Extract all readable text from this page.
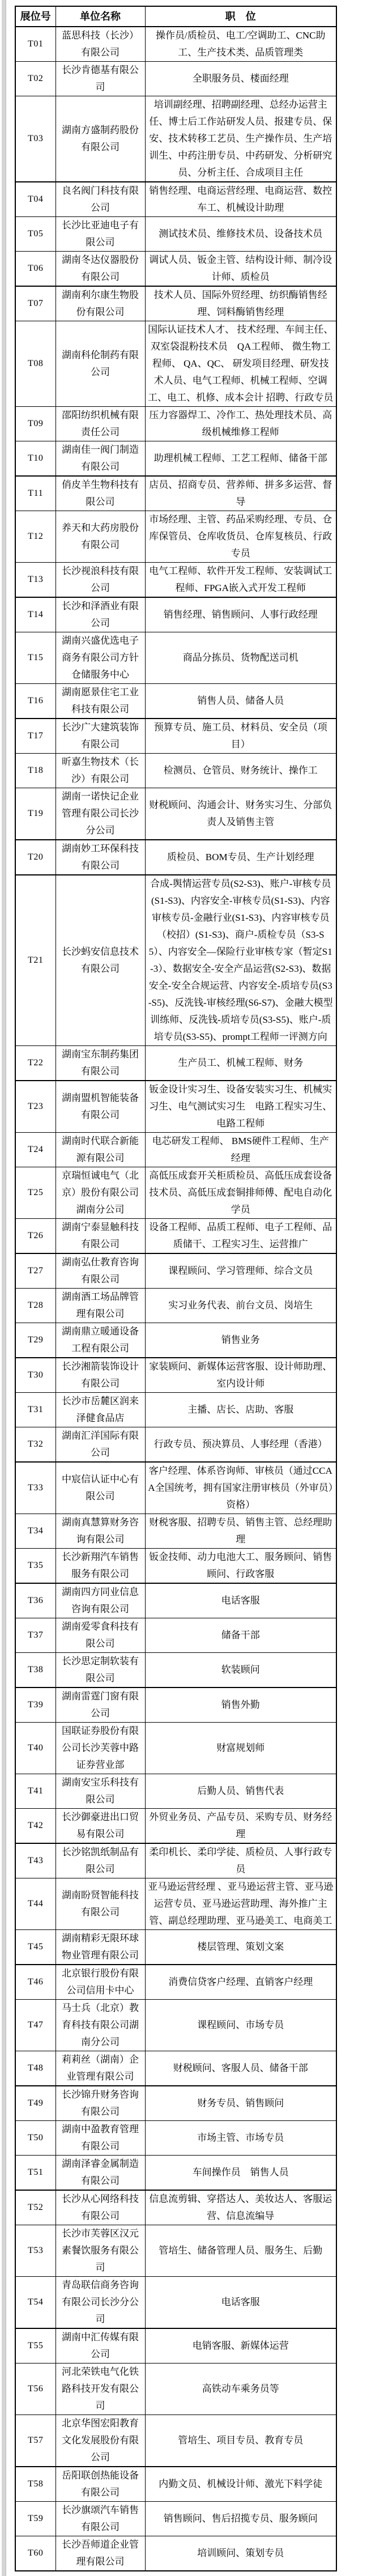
展位号	单位名称	职　位
T01	蓝思科技（长沙）有限公司	操作员/质检员、电工/空调助工、CNC助工、生产技术类、品质管理类
T02	长沙肯德基有限公司	全职服务员、楼面经理
T03	湖南方盛制药股份有限公司	培训副经理、招聘副经理、总经办运营主任、博士后工作站研发人员、报建专员、保安、技术转移工艺员、生产操作员、生产培训生、中药注册专员、中药研发、分析研究员、分析主任、合成项目主任
T04	良名阀门科技有限公司	销售经理、电商运营经理、电商运营、数控车工、机械设计助理
T05	长沙比亚迪电子有限公司	测试技术员、维修技术员、设备技术员
T06	湖南冬达仪器股份有限公司	调试人员、钣金主管、结构设计师、制冷设计师、质检员
T07	湖南利尔康生物股份有限公司	技术人员、国际外贸经理、纺织酶销售经理、饲料酶销售经理
T08	湖南科伦制药有限公司	国际认证技术人才、 技术经理、车间主任、双室袋混粉技术员　QA工程师、 微生物工程师、 QA、QC、 研发项目经理、研发技术人员、电气工程师、机械工程师、空调工、电工、机修、成本会计 招聘、行政专员
T09	邵阳纺织机械有限责任公司	压力容器焊工、冷作工、热处理技术员、高级机械维修工程师
T10	湖南佳一阀门制造有限公司	助理机械工程师、工艺工程师、储备干部
T11	俏皮羊生物科技有限公司	店员、招商专员、营养师、拼多多运营、督导
T12	养天和大药房股份有限公司	市场经理、主管、药品采购经理、专员、仓库保管员、仓库收货员、仓库复核员、行政专员
T13	长沙视浪科技有限公司	电气工程师、软件开发工程师、安装调试工程师、FPGA嵌入式开发工程师
T14	长沙和泽酒业有限公司	销售经理、销售顾问、人事行政经理
T15	湖南兴盛优选电子商务有限公司方针仓储服务中心	商品分拣员、货物配送司机
T16	湖南愿景住宅工业科技有限公司	销售人员、储备人员
T17	长沙广大建筑装饰有限公司	预算专员、施工员、材料员、安全员（项目）
T18	昕嘉生物技术（长沙）有限公司	检测员、仓管员、财务统计、操作工
T19	湖南一诺快记企业管理有限公司长沙分公司	财税顾问、沟通会计、财务实习生、分部负责人及销售主管
T20	湖南妙工环保科技有限公司	质检员、BOM专员、生产计划经理
T21	长沙蚂安信息技术有限公司	合成-舆情运营专员(S2-S3)、账户-审核专员(S1-S3)、内容安全-审核专员(S1-S3)、内容审核专员-金融行业(S1-S3)、内容审核专员（校招）(S1-S3)、商户-质检专员（S3-S5）、内容安全—保险行业审核专家（暂定S1-3）、数据安全-安全产品运营(S2-S3)、数据安全-安全合规运营、内容安全-质培专员(S3-S5)、反洗钱-审核经理(S6-S7)、金融大模型训练师、反洗钱-质培专员(S3-S5)、账户-质培专员(S3-S5)、prompt工程师一评测方向
T22	湖南宝东制药集团有限公司	生产员工、机械工程师、财务
T23	湖南盟机智能装备有限公司	钣金设计实习生、设备安装实习生、机械实习生、电气测试实习生　电路工程实习生、电路工程师
T24	湖南时代联合新能源有限公司	电芯研发工程师、 BMS硬件工程师、生产经理
T25	京瑞恒诚电气（北京）股份有限公司湖南分公司	高低压成套开关柜质检员、高低压成套设备技术员、高低压成套铜排师傅、配电自动化学员
T26	湖南宁泰显触科技有限公司	设备工程师、品质工程师、电子工程师、品质储干、工程实习生、运营推广
T27	湖南弘仕教育咨询有限公司	课程顾问、学习管理师、综合文员
T28	湖南酒工场品牌管理有限公司	实习业务代表、前台文员、岗培生
T29	湖南鼎立暖通设备工程有限公司	销售业务
T30	长沙湘箭装饰设计有限公司	家装顾问、新媒体运营客服、设计师助理、室内设计师
T31	长沙市岳麓区润来泽健食品店	主播、店长、店助、客服
T32	湖南汇洋国际有限公司	行政专员、预决算员、人事经理（香港）
T33	中宸信认证中心有限公司	客户经理、体系咨询师、审核员（通过CCAA全国统考，拥有国家注册审核员（外审员）资格）
T34	湖南真慧算财务咨询有限公司	财税客服、招聘专员、销售主管、总经理助理
T35	长沙新翔汽车销售服务有限公司	钣金技师、动力电池大工、服务顾问、销售顾问、行政客服
T36	湖南四方同业信息咨询有限公司	电话客服
T37	湖南爱零食科技有限公司	储备干部
T38	长沙思定制软装有限公司	软装顾问
T39	湖南雷霆门窗有限公司	销售外勤
T40	国联证券股份有限公司长沙芙蓉中路证券营业部	财富规划师
T41	湖南安宝乐科技有限公司	后勤人员、销售代表
T42	长沙御豪进出口贸易有限公司	外贸业务员、产品专员、采购专员、财务经理
T43	长沙铭凯纸制品有限公司	柔印机长、柔印学徒、质检员、人事行政专员
T44	湖南盼贤智能科技有限公司	亚马逊运营经理 、亚马逊运营主管、亚马逊运营专员、亚马逊运营助理、海外推广主管、副总经理助理、亚马逊美工、电商美工
T45	湖南精彩无限环球物业管理有限公司	楼层管理、策划文案
T46	北京银行股份有限公司信用卡中心	消费信贷客户经理、直销客户经理
T47	马士兵（北京）教育科技有限公司湖南分公司	课程顾问、市场专员
T48	莉莉丝（湖南）企业管理有限公司	财税顾问、客服人员、储备干部
T49	长沙锦升财务咨询有限公司	财务专员、销售顾问
T50	湖南中盈教育管理有限公司	市场主管、市场专员
T51	湖南泽睿金属制造有限公司	车间操作员　销售人员
T52	长沙从心网络科技有限公司	信息流剪辑、穿搭达人、美妆达人、客服运营、信息流编导
T53	长沙市芙蓉区汉元素餐饮服务有限公司	管培生、储备管理人员、服务生、后勤
T54	青岛联信商务咨询有限公司长沙分公司	电话客服
T55	湖南中汇传媒有限公司	电销客服、新媒体运营
T56	河北荣铁电气化铁路科技开发有限公司	高铁动车乘务员等
T57	北京华图宏阳教育文化发展股份有限公司	管培生、项目专员、教育专员
T58	岳阳联创热能设备有限公司	内勤文员、机械设计师、激光下料学徒
T59	长沙旗颂汽车销售有限公司	销售顾问、售后招揽专员、服务顾问
T60	长沙吾师道企业管理有限公司	培训顾问、策划专员
